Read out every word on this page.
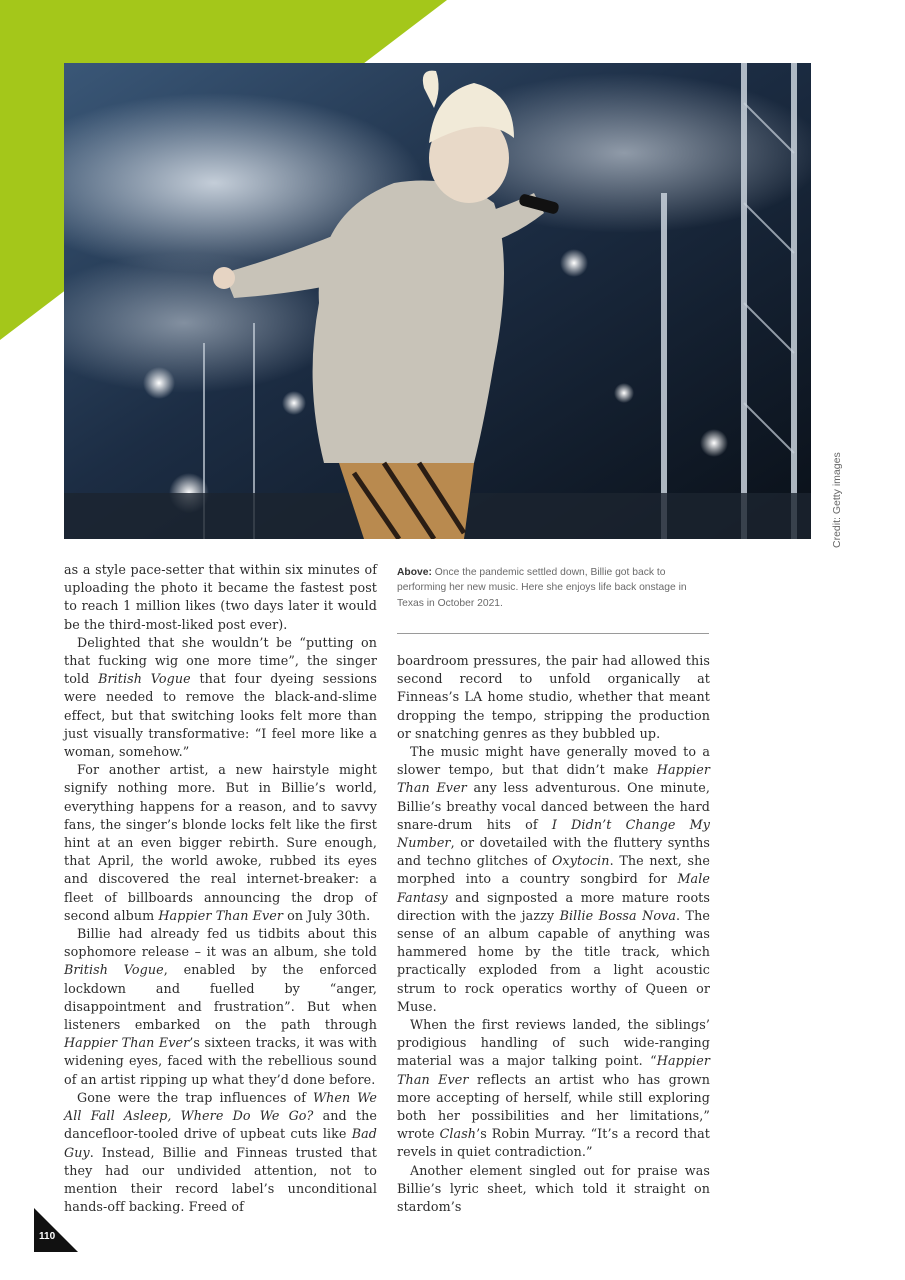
Credit: Getty images
Above: Once the pandemic settled down, Billie got back to performing her new music. Here she enjoys life back onstage in Texas in October 2021.

as a style pace-setter that within six minutes of uploading the photo it became the fastest post to reach 1 million likes (two days later it would be the third-most-liked post ever).

Delighted that she wouldn’t be “putting on that fucking wig one more time”, the singer told British Vogue that four dyeing sessions were needed to remove the black-and-slime effect, but that switching looks felt more than just visually transformative: “I feel more like a woman, somehow.”

For another artist, a new hairstyle might signify nothing more. But in Billie’s world, everything happens for a reason, and to savvy fans, the singer’s blonde locks felt like the first hint at an even bigger rebirth. Sure enough, that April, the world awoke, rubbed its eyes and discovered the real internet-breaker: a fleet of billboards announcing the drop of second album Happier Than Ever on July 30th.

Billie had already fed us tidbits about this sophomore release – it was an album, she told British Vogue, enabled by the enforced lockdown and fuelled by “anger, disappointment and frustration”. But when listeners embarked on the path through Happier Than Ever’s sixteen tracks, it was with widening eyes, faced with the rebellious sound of an artist ripping up what they’d done before.

Gone were the trap influences of When We All Fall Asleep, Where Do We Go? and the dancefloor-tooled drive of upbeat cuts like Bad Guy. Instead, Billie and Finneas trusted that they had our undivided attention, not to mention their record label’s unconditional hands-off backing. Freed of

boardroom pressures, the pair had allowed this second record to unfold organically at Finneas’s LA home studio, whether that meant dropping the tempo, stripping the production or snatching genres as they bubbled up.

The music might have generally moved to a slower tempo, but that didn’t make Happier Than Ever any less adventurous. One minute, Billie’s breathy vocal danced between the hard snare-drum hits of I Didn’t Change My Number, or dovetailed with the fluttery synths and techno glitches of Oxytocin. The next, she morphed into a country songbird for Male Fantasy and signposted a more mature roots direction with the jazzy Billie Bossa Nova. The sense of an album capable of anything was hammered home by the title track, which practically exploded from a light acoustic strum to rock operatics worthy of Queen or Muse.

When the first reviews landed, the siblings’ prodigious handling of such wide-ranging material was a major talking point. “Happier Than Ever reflects an artist who has grown more accepting of herself, while still exploring both her possibilities and her limitations,” wrote Clash’s Robin Murray. “It’s a record that revels in quiet contradiction.”

Another element singled out for praise was Billie’s lyric sheet, which told it straight on stardom’s

110
